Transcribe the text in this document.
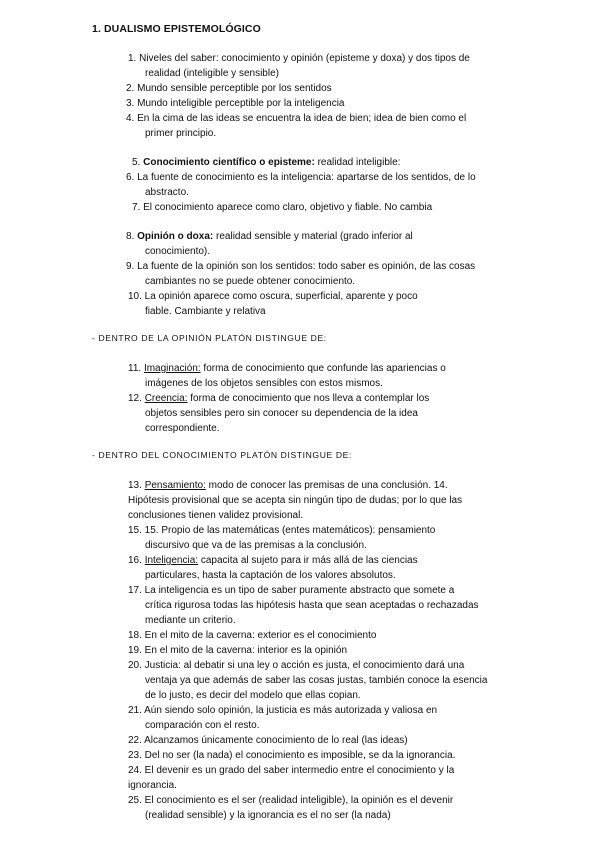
1. DUALISMO EPISTEMOLÓGICO
1. Niveles del saber: conocimiento y opinión (episteme y doxa) y dos tipos de
realidad (inteligible y sensible)
2. Mundo sensible perceptible por los sentidos
3. Mundo inteligible perceptible por la inteligencia
4. En la cima de las ideas se encuentra la idea de bien; idea de bien como el
primer principio.
5. Conocimiento científico o episteme: realidad inteligible:
6. La fuente de conocimiento es la inteligencia: apartarse de los sentidos, de lo
abstracto.
7. El conocimiento aparece como claro, objetivo y fiable. No cambia
8. Opinión o doxa: realidad sensible y material (grado inferior al
conocimiento).
9. La fuente de la opinión son los sentidos: todo saber es opinión, de las cosas
cambiantes no se puede obtener conocimiento.
10. La opinión aparece como oscura, superficial, aparente y poco
fiable. Cambiante y relativa
- DENTRO DE LA OPINIÓN PLATÓN DISTINGUE DE:
11. Imaginación: forma de conocimiento que confunde las apariencias o
imágenes de los objetos sensibles con estos mismos.
12. Creencia: forma de conocimiento que nos lleva a contemplar los
objetos sensibles pero sin conocer su dependencia de la idea
correspondiente.
- DENTRO DEL CONOCIMIENTO PLATÓN DISTINGUE DE:
13. Pensamiento: modo de conocer las premisas de una conclusión. 14.
Hipótesis provisional que se acepta sin ningún tipo de dudas; por lo que las
conclusiones tienen validez provisional.
15. 15. Propio de las matemáticas (entes matemáticos): pensamiento
discursivo que va de las premisas a la conclusión.
16. Inteligencia: capacita al sujeto para ir más allá de las ciencias
particulares, hasta la captación de los valores absolutos.
17. La inteligencia es un tipo de saber puramente abstracto que somete a
crítica rigurosa todas las hipótesis hasta que sean aceptadas o rechazadas
mediante un criterio.
18. En el mito de la caverna: exterior es el conocimiento
19. En el mito de la caverna: interior es la opinión
20. Justicia: al debatir si una ley o acción es justa, el conocimiento dará una
ventaja ya que además de saber las cosas justas, también conoce la esencia
de lo justo, es decir del modelo que ellas copian.
21. Aún siendo solo opinión, la justicia es más autorizada y valiosa en
comparación con el resto.
22. Alcanzamos únicamente conocimiento de lo real (las ideas)
23. Del no ser (la nada) el conocimiento es imposible, se da la ignorancia.
24. El devenir es un grado del saber intermedio entre el conocimiento y la
ignorancia.
25. El conocimiento es el ser (realidad inteligible), la opinión es el devenir
(realidad sensible) y la ignorancia es el no ser (la nada)
